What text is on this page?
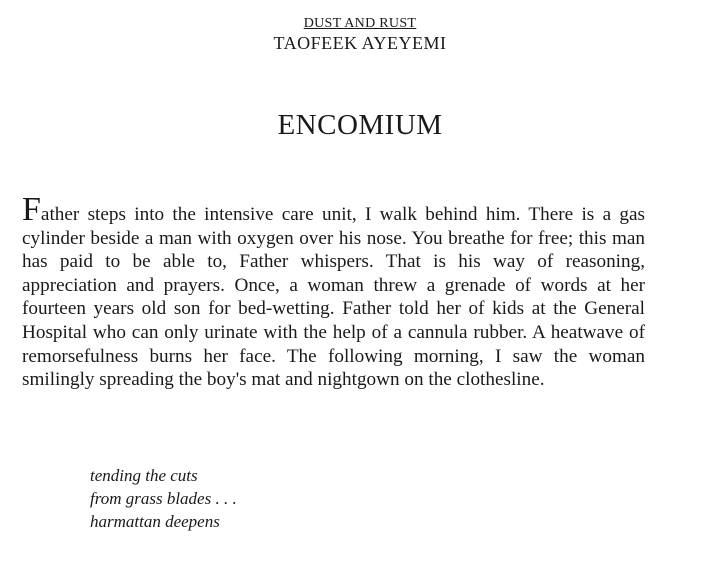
DUST AND RUST
TAOFEEK AYEYEMI
ENCOMIUM

Father steps into the intensive care unit, I walk behind him. There is a gas cylinder beside a man with oxygen over his nose. You breathe for free; this man has paid to be able to, Father whispers. That is his way of reasoning, appreciation and prayers. Once, a woman threw a grenade of words at her fourteen years old son for bed-wetting. Father told her of kids at the General Hospital who can only urinate with the help of a cannula rubber. A heatwave of remorsefulness burns her face. The following morning, I saw the woman smilingly spreading the boy's mat and nightgown on the clothesline.

tending the cuts
from grass blades . . .
harmattan deepens
